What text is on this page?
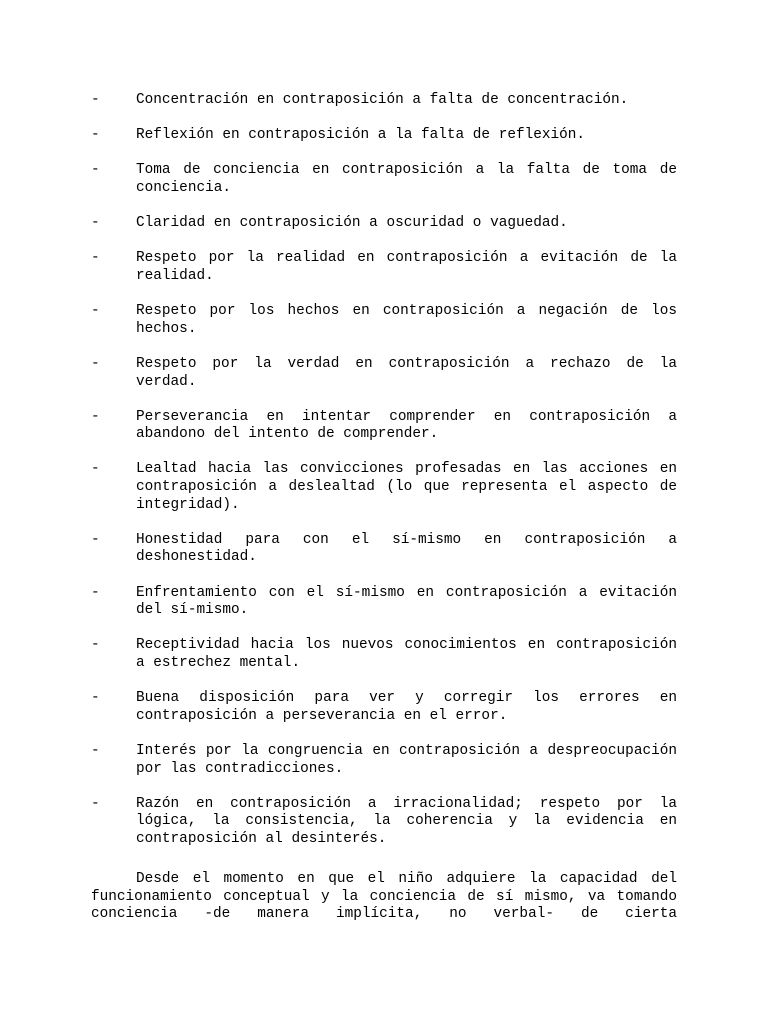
-	Concentración en contraposición a falta de concentración.
-	Reflexión en contraposición a la falta de reflexión.
-	Toma de conciencia en contraposición a la falta de toma de conciencia.
-	Claridad en contraposición a oscuridad o vaguedad.
-	Respeto por la realidad en contraposición a evitación de la realidad.
-	Respeto por los hechos en contraposición a negación de los hechos.
-	Respeto por la verdad en contraposición a rechazo de la verdad.
-	Perseverancia en intentar comprender en contraposición a abandono del intento de comprender.
-	Lealtad hacia las convicciones profesadas en las acciones en contraposición a deslealtad (lo que representa el aspecto de integridad).
-	Honestidad para con el sí-mismo en contraposición a deshonestidad.
-	Enfrentamiento con el sí-mismo en contraposición a evitación del sí-mismo.
-	Receptividad hacia los nuevos conocimientos en contraposición a estrechez mental.
-	Buena disposición para ver y corregir los errores en contraposición a perseverancia en el error.
-	Interés por la congruencia en contraposición a despreocupación por las contradicciones.
-	Razón en contraposición a irracionalidad; respeto por la lógica, la consistencia, la coherencia y la evidencia en contraposición al desinterés.

Desde el momento en que el niño adquiere la capacidad del funcionamiento conceptual y la conciencia de sí mismo, va tomando conciencia -de manera implícita, no verbal- de cierta
